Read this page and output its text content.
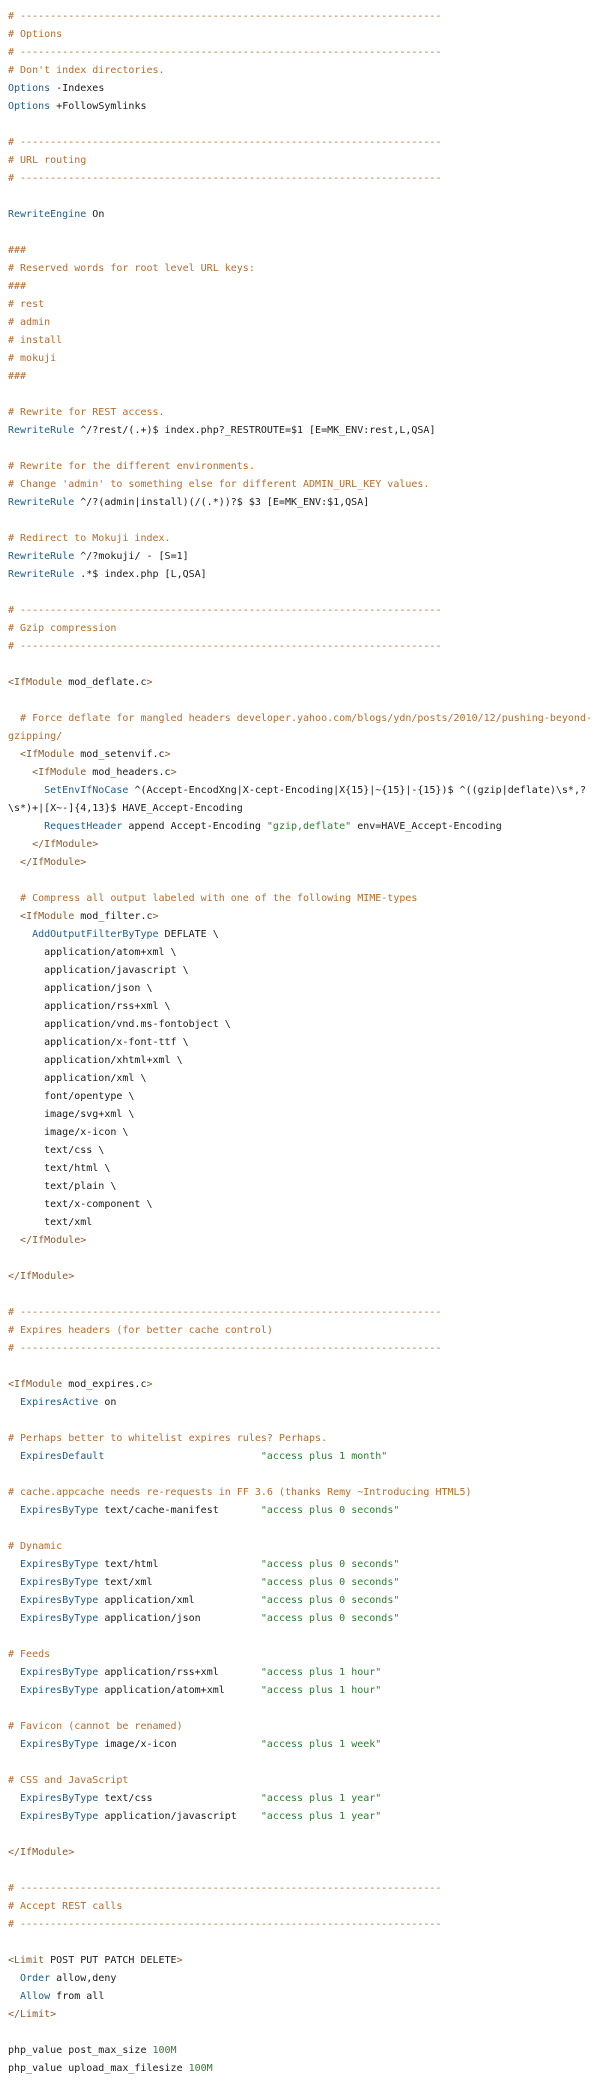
# ----------------------------------------------------------------------
# Options
# ----------------------------------------------------------------------
# Don't index directories.
Options -Indexes
Options +FollowSymlinks
# ----------------------------------------------------------------------
# URL routing
# ----------------------------------------------------------------------
RewriteEngine On
###
# Reserved words for root level URL keys:
###
# rest
# admin
# install
# mokuji
###
# Rewrite for REST access.
RewriteRule ^/?rest/(.+)$ index.php?_RESTROUTE=$1 [E=MK_ENV:rest,L,QSA]
# Rewrite for the different environments.
# Change 'admin' to something else for different ADMIN_URL_KEY values.
RewriteRule ^/?(admin|install)(/(.*))?$ $3 [E=MK_ENV:$1,QSA]
# Redirect to Mokuji index.
RewriteRule ^/?mokuji/ - [S=1]
RewriteRule .*$ index.php [L,QSA]
# ----------------------------------------------------------------------
# Gzip compression
# ----------------------------------------------------------------------
<IfModule mod_deflate.c>
# Force deflate for mangled headers developer.yahoo.com/blogs/ydn/posts/2010/12/pushing-beyond-gzipping/
<IfModule mod_setenvif.c>
<IfModule mod_headers.c>
SetEnvIfNoCase ^(Accept-EncodXng|X-cept-Encoding|X{15}|~{15}|-{15})$ ^((gzip|deflate)\s*,?\s*)+|[X~-]{4,13}$ HAVE_Accept-Encoding
RequestHeader append Accept-Encoding "gzip,deflate" env=HAVE_Accept-Encoding
</IfModule>
</IfModule>
# Compress all output labeled with one of the following MIME-types
<IfModule mod_filter.c>
AddOutputFilterByType DEFLATE \
application/atom+xml \
application/javascript \
application/json \
application/rss+xml \
application/vnd.ms-fontobject \
application/x-font-ttf \
application/xhtml+xml \
application/xml \
font/opentype \
image/svg+xml \
image/x-icon \
text/css \
text/html \
text/plain \
text/x-component \
text/xml
</IfModule>
</IfModule>
# ----------------------------------------------------------------------
# Expires headers (for better cache control)
# ----------------------------------------------------------------------
<IfModule mod_expires.c>
ExpiresActive on
# Perhaps better to whitelist expires rules? Perhaps.
ExpiresDefault	"access plus 1 month"
# cache.appcache needs re-requests in FF 3.6 (thanks Remy ~Introducing HTML5)
ExpiresByType text/cache-manifest       "access plus 0 seconds"
# Dynamic
ExpiresByType text/html                 "access plus 0 seconds"
ExpiresByType text/xml                  "access plus 0 seconds"
ExpiresByType application/xml           "access plus 0 seconds"
ExpiresByType application/json          "access plus 0 seconds"
# Feeds
ExpiresByType application/rss+xml       "access plus 1 hour"
ExpiresByType application/atom+xml      "access plus 1 hour"
# Favicon (cannot be renamed)
ExpiresByType image/x-icon              "access plus 1 week"
# CSS and JavaScript
ExpiresByType text/css                  "access plus 1 year"
ExpiresByType application/javascript    "access plus 1 year"
</IfModule>
# ----------------------------------------------------------------------
# Accept REST calls
# ----------------------------------------------------------------------
<Limit POST PUT PATCH DELETE>
Order allow,deny
Allow from all
</Limit>
php_value post_max_size 100M
php_value upload_max_filesize 100M
